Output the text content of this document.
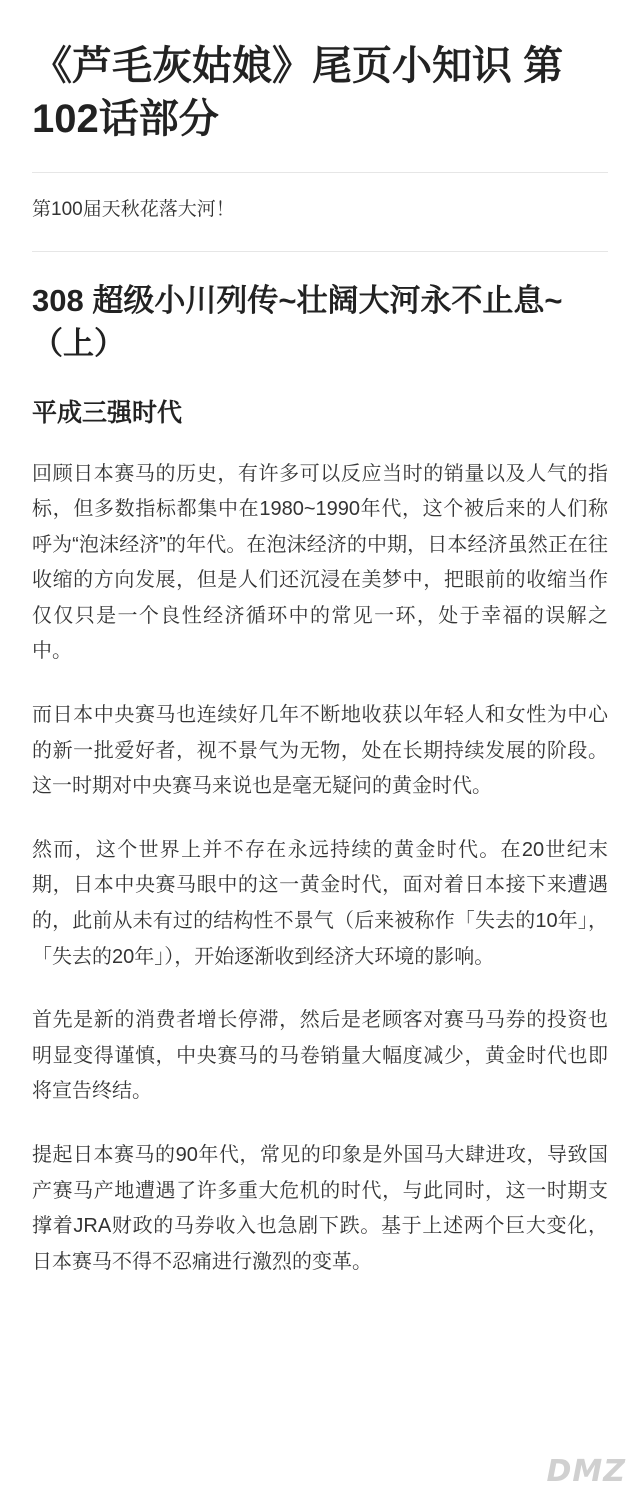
《芦毛灰姑娘》尾页小知识 第102话部分

第100届天秋花落大河！

308 超级小川列传~壮阔大河永不止息~（上）
平成三强时代

回顾日本赛马的历史，有许多可以反应当时的销量以及人气的指标，但多数指标都集中在1980~1990年代，这个被后来的人们称呼为“泡沫经济”的年代。在泡沫经济的中期，日本经济虽然正在往收缩的方向发展，但是人们还沉浸在美梦中，把眼前的收缩当作仅仅只是一个良性经济循环中的常见一环，处于幸福的误解之中。

而日本中央赛马也连续好几年不断地收获以年轻人和女性为中心的新一批爱好者，视不景气为无物，处在长期持续发展的阶段。这一时期对中央赛马来说也是毫无疑问的黄金时代。

然而，这个世界上并不存在永远持续的黄金时代。在20世纪末期，日本中央赛马眼中的这一黄金时代，面对着日本接下来遭遇的，此前从未有过的结构性不景气（后来被称作「失去的10年」，「失去的20年」），开始逐渐收到经济大环境的影响。

首先是新的消费者增长停滞，然后是老顾客对赛马马券的投资也明显变得谨慎，中央赛马的马卷销量大幅度减少，黄金时代也即将宣告终结。

提起日本赛马的90年代，常见的印象是外国马大肆进攻，导致国产赛马产地遭遇了许多重大危机的时代，与此同时，这一时期支撑着JRA财政的马券收入也急剧下跌。基于上述两个巨大变化，日本赛马不得不忍痛进行激烈的变革。

DMZ
